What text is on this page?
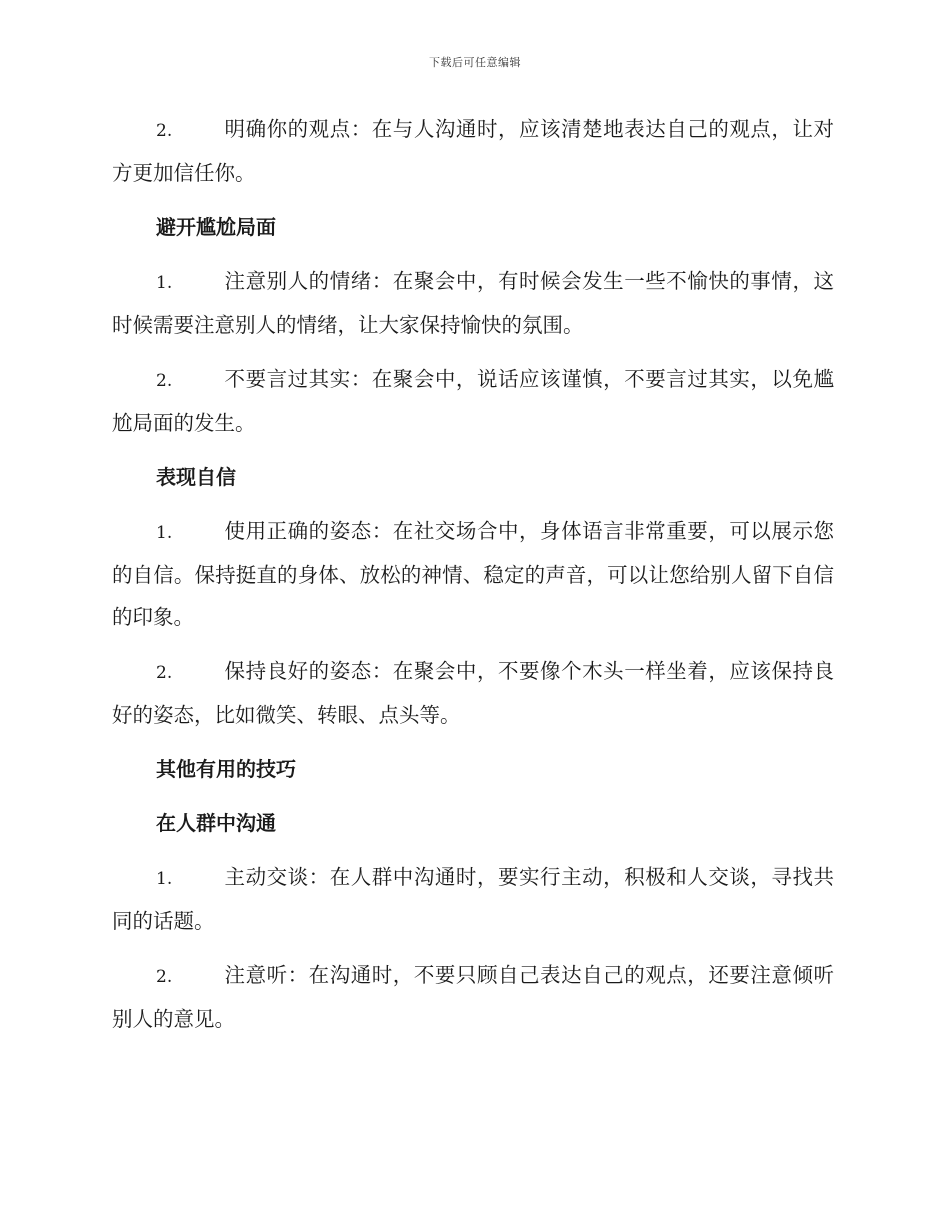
下载后可任意编辑

2.	明确你的观点：在与人沟通时，应该清楚地表达自己的观点，让对方更加信任你。

避开尴尬局面

1.	注意别人的情绪：在聚会中，有时候会发生一些不愉快的事情，这时候需要注意别人的情绪，让大家保持愉快的氛围。

2.	不要言过其实：在聚会中，说话应该谨慎，不要言过其实，以免尴尬局面的发生。

表现自信

1.	使用正确的姿态：在社交场合中，身体语言非常重要，可以展示您的自信。保持挺直的身体、放松的神情、稳定的声音，可以让您给别人留下自信的印象。

2.	保持良好的姿态：在聚会中，不要像个木头一样坐着，应该保持良好的姿态，比如微笑、转眼、点头等。

其他有用的技巧
在人群中沟通

1.	主动交谈：在人群中沟通时，要实行主动，积极和人交谈，寻找共同的话题。

2.	注意听：在沟通时，不要只顾自己表达自己的观点，还要注意倾听别人的意见。
